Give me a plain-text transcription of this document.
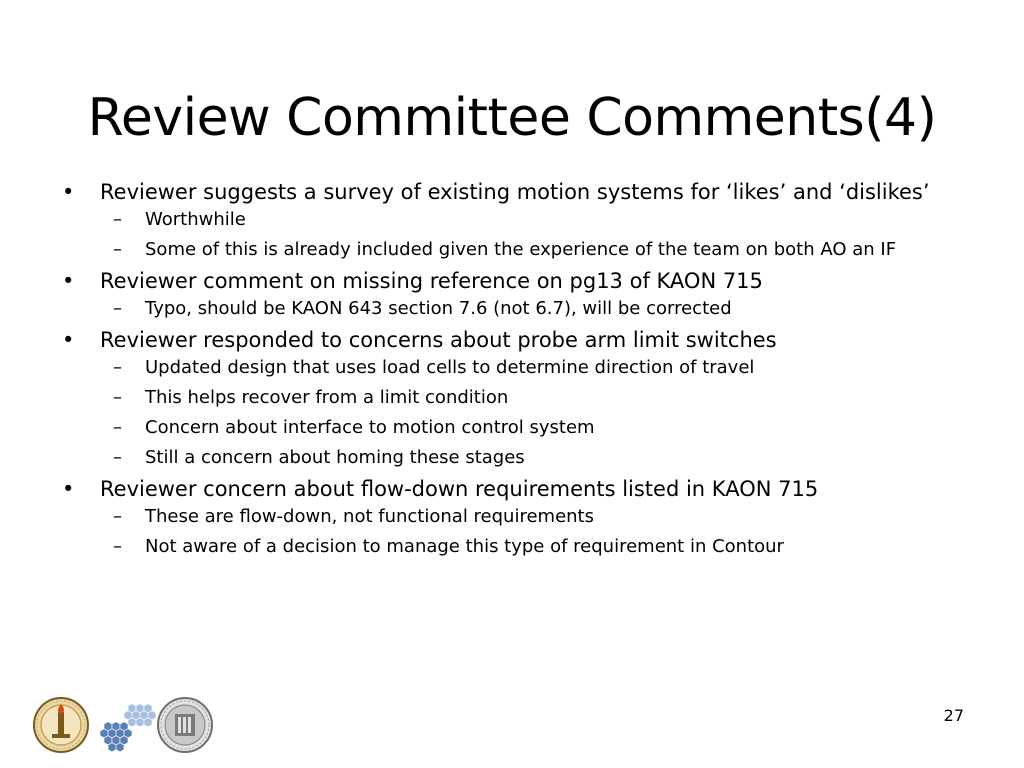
Review Committee Comments(4)
•	Reviewer suggests a survey of existing motion systems for ‘likes’ and ‘dislikes’
– Worthwhile
– Some of this is already included given the experience of the team on both AO an IF
•	Reviewer comment on missing reference on pg13 of KAON 715
– Typo, should be KAON 643 section 7.6 (not 6.7), will be corrected
•	Reviewer responded to concerns about probe arm limit switches
– Updated design that uses load cells to determine direction of travel
– This helps recover from a limit condition
– Concern about interface to motion control system
– Still a concern about homing these stages
•	Reviewer concern about flow-down requirements listed in KAON 715
– These are flow-down, not functional requirements
– Not aware of a decision to manage this type of requirement in Contour
27
